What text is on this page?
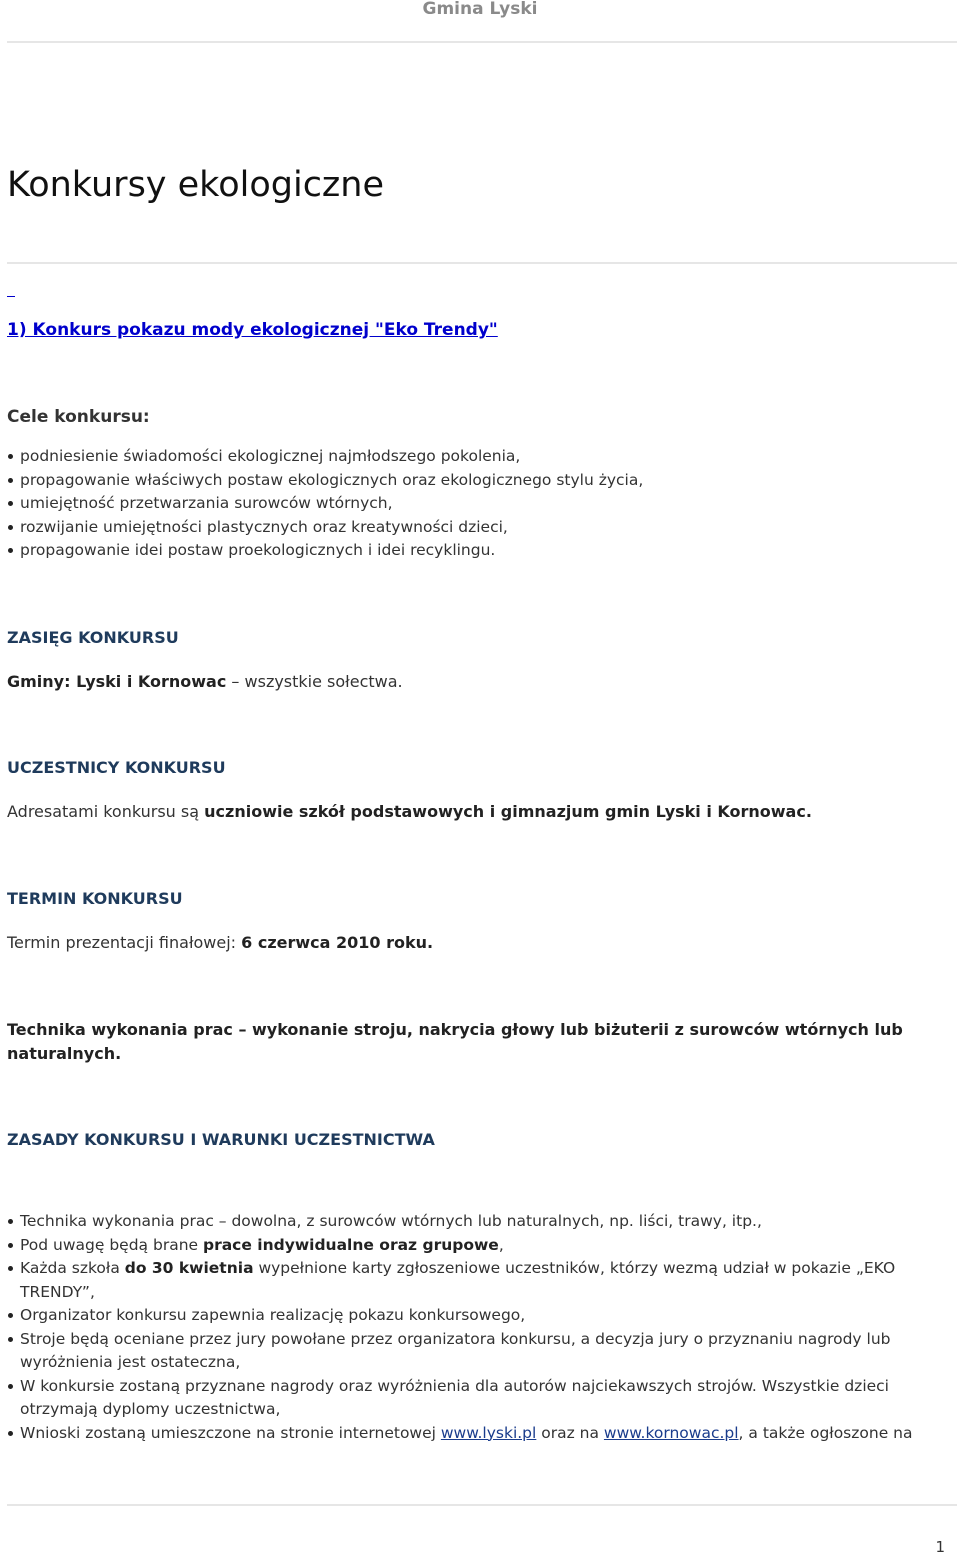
Gmina Lyski

Konkursy ekologiczne
1) Konkurs pokazu mody ekologicznej "Eko Trendy"
Cele konkursu:
podniesienie świadomości ekologicznej najmłodszego pokolenia,
propagowanie właściwych postaw ekologicznych oraz ekologicznego stylu życia,
umiejętność przetwarzania surowców wtórnych,
rozwijanie umiejętności plastycznych oraz kreatywności dzieci,
propagowanie idei postaw proekologicznych i idei recyklingu.
ZASIĘG KONKURSU

Gminy: Lyski i Kornowac – wszystkie sołectwa.

UCZESTNICY KONKURSU

Adresatami konkursu są uczniowie szkół podstawowych i gimnazjum gmin Lyski i Kornowac.

TERMIN KONKURSU

Termin prezentacji finałowej: 6 czerwca 2010 roku.

Technika wykonania prac – wykonanie stroju, nakrycia głowy lub biżuterii z surowców wtórnych lub naturalnych.

ZASADY KONKURSU I WARUNKI UCZESTNICTWA
Technika wykonania prac – dowolna, z surowców wtórnych lub naturalnych, np. liści, trawy, itp.,
Pod uwagę będą brane prace indywidualne oraz grupowe,
Każda szkoła do 30 kwietnia wypełnione karty zgłoszeniowe uczestników, którzy wezmą udział w pokazie „EKO TRENDY”,
Organizator konkursu zapewnia realizację pokazu konkursowego,
Stroje będą oceniane przez jury powołane przez organizatora konkursu, a decyzja jury o przyznaniu nagrody lub wyróżnienia jest ostateczna,
W konkursie zostaną przyznane nagrody oraz wyróżnienia dla autorów najciekawszych strojów. Wszystkie dzieci otrzymają dyplomy uczestnictwa,
Wnioski zostaną umieszczone na stronie internetowej www.lyski.pl oraz na www.kornowac.pl, a także ogłoszone na
1
